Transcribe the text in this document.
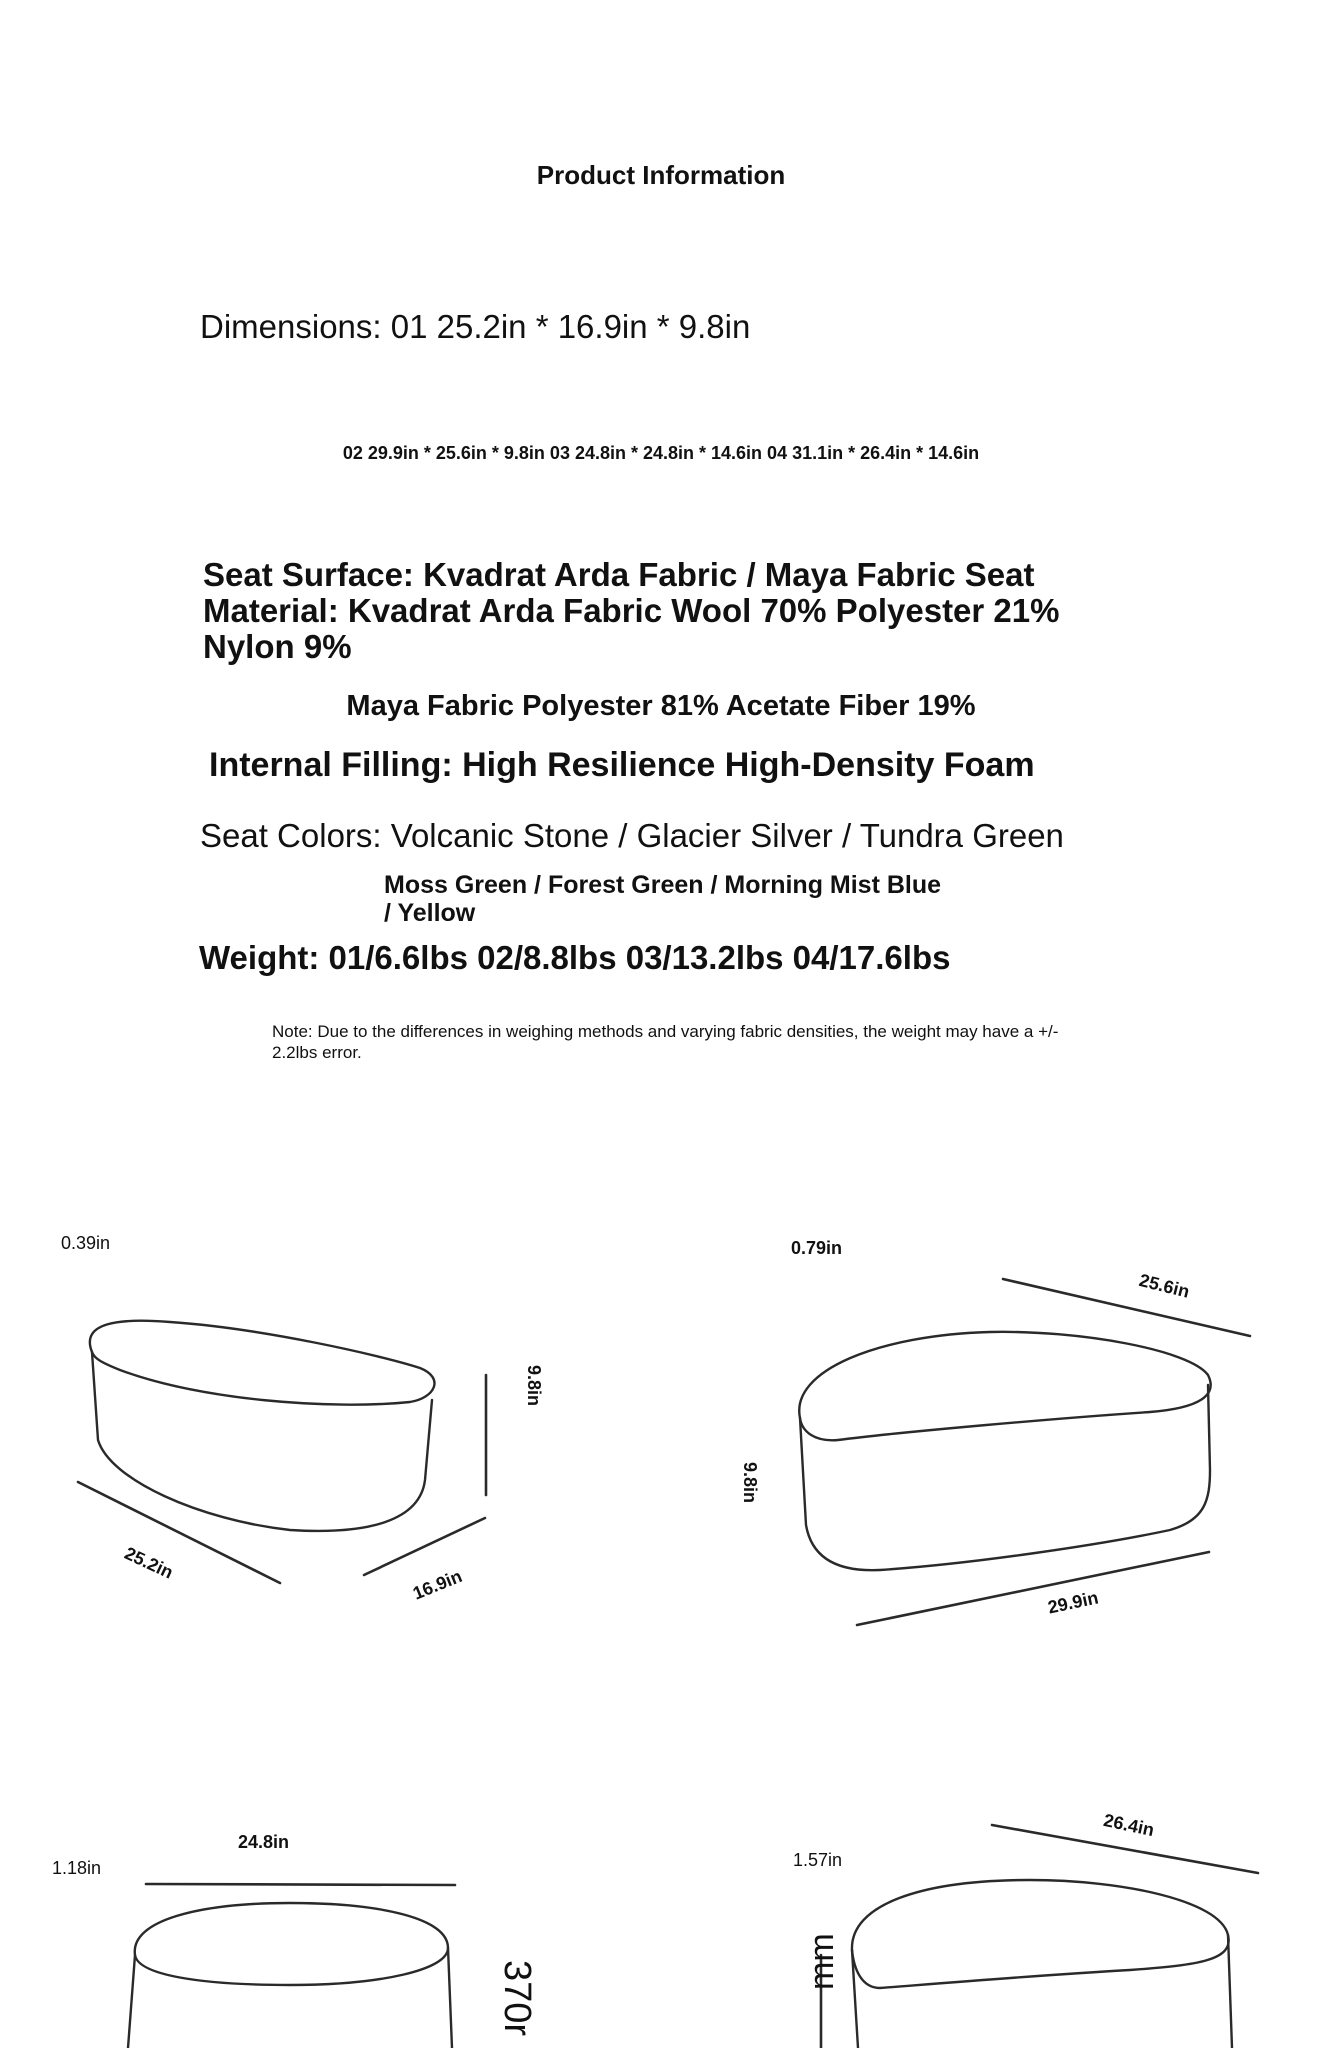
Product Information

Dimensions: 01 25.2in * 16.9in * 9.8in

02 29.9in * 25.6in * 9.8in 03 24.8in * 24.8in * 14.6in 04 31.1in * 26.4in * 14.6in

Seat Surface: Kvadrat Arda Fabric / Maya Fabric Seat Material: Kvadrat Arda Fabric Wool 70% Polyester 21% Nylon 9%

Maya Fabric Polyester 81% Acetate Fiber 19%

Internal Filling: High Resilience High-Density Foam

Seat Colors: Volcanic Stone / Glacier Silver / Tundra Green

Moss Green / Forest Green / Morning Mist Blue / Yellow

Weight: 01/6.6lbs 02/8.8lbs 03/13.2lbs 04/17.6lbs

Note: Due to the differences in weighing methods and varying fabric densities, the weight may have a +/- 2.2lbs error.

0.39in
9.8in
25.2in
16.9in
0.79in
25.6in
9.8in
29.9in
1.18in
24.8in
370r
1.57in
26.4in
mm
